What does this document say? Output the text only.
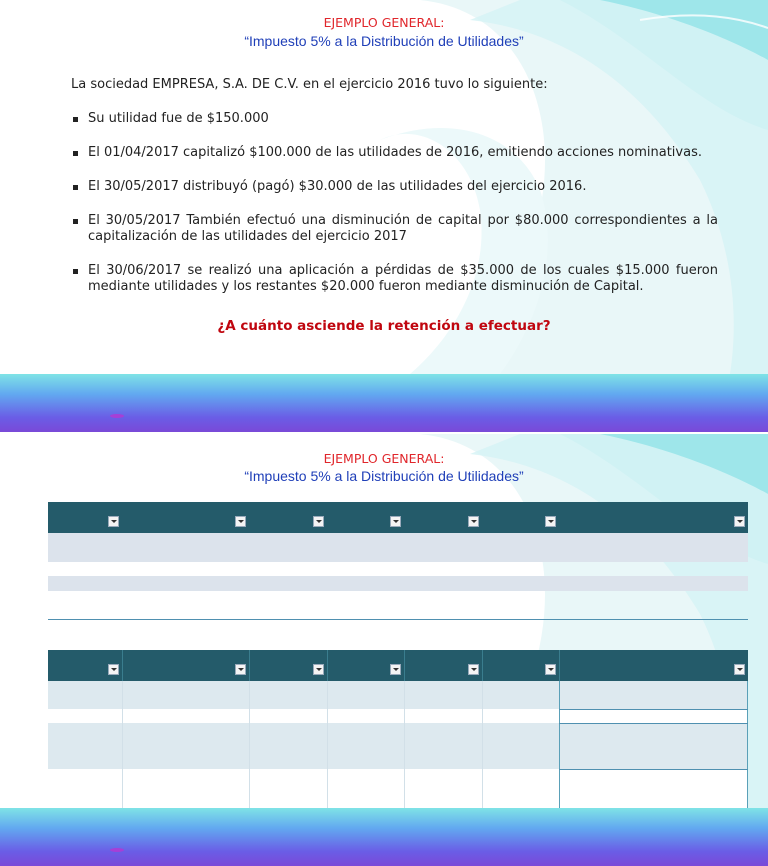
EJEMPLO GENERAL:
“Impuesto 5% a la Distribución de Utilidades”
La sociedad EMPRESA, S.A. DE C.V. en el ejercicio 2016 tuvo lo siguiente:
Su utilidad fue de $150.000
El 01/04/2017 capitalizó $100.000 de las utilidades de 2016, emitiendo acciones nominativas.
El 30/05/2017 distribuyó (pagó) $30.000 de las utilidades del ejercicio 2016.
El 30/05/2017 También efectuó una disminución de capital por $80.000 correspondientes a la capitalización de las utilidades del ejercicio 2017
El 30/06/2017 se realizó una aplicación a pérdidas de $35.000 de los cuales $15.000 fueron mediante utilidades y los restantes $20.000 fueron mediante disminución de Capital.
¿A cuánto asciende la retención a efectuar?
EJEMPLO GENERAL:
“Impuesto 5% a la Distribución de Utilidades”
